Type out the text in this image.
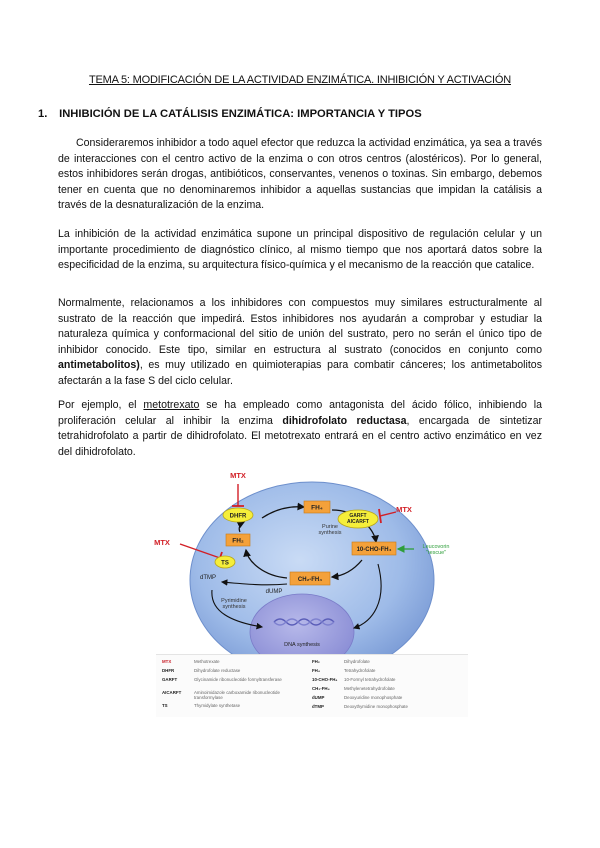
TEMA 5: MODIFICACIÓN DE LA ACTIVIDAD ENZIMÁTICA. INHIBICIÓN Y ACTIVACIÓN
1. INHIBICIÓN DE LA CATÁLISIS ENZIMÁTICA: IMPORTANCIA Y TIPOS

Consideraremos inhibidor a todo aquel efector que reduzca la actividad enzimática, ya sea a través de interacciones con el centro activo de la enzima o con otros centros (alostéricos). Por lo general, estos inhibidores serán drogas, antibióticos, conservantes, venenos o toxinas. Sin embargo, debemos tener en cuenta que no denominaremos inhibidor a aquellas sustancias que impidan la catálisis a través de la desnaturalización de la enzima.

La inhibición de la actividad enzimática supone un principal dispositivo de regulación celular y un importante procedimiento de diagnóstico clínico, al mismo tiempo que nos aportará datos sobre la especificidad de la enzima, su arquitectura físico-química y el mecanismo de la reacción que catalice.

Normalmente, relacionamos a los inhibidores con compuestos muy similares estructuralmente al sustrato de la reacción que impedirá. Estos inhibidores nos ayudarán a comprobar y estudiar la naturaleza química y conformacional del sitio de unión del sustrato, pero no serán el único tipo de inhibidor conocido. Este tipo, similar en estructura al sustrato (conocidos en conjunto como antimetabolitos), es muy utilizado en quimioterapias para combatir cánceres; los antimetabolitos afectarán a la fase S del ciclo celular.

Por ejemplo, el metotrexato se ha empleado como antagonista del ácido fólico, inhibiendo la proliferación celular al inhibir la enzima dihidrofolato reductasa, encargada de sintetizar tetrahidrofolato a partir de dihidrofolato. El metotrexato entrará en el centro activo enzimático en vez del dihidrofolato.

MTX
MTX
MTX
DHFR
FH₄
FH₂
GARFT
AICARFT
10-CHO-FH₄
CH₂-FH₄
TS
Purine
synthesis
dTMP
dUMP
Pyrimidine
synthesis
DNA synthesis
Leucovorin
"rescue"
MTX	Methotrexate
DHFR	Dihydrofolate reductase
GARFT	Glycinamide ribonucleotide formyltransferase
AICARFT	Aminoimidazole carboxamide ribonucleotide transformylase
TS	Thymidylate synthetase
FH₂	Dihydrofolate
FH₄	Tetrahydrofolate
10-CHO-FH₄	10-Formyl tetrahydrofolate
CH₂-FH₄	Methylenetetrahydrofolate
dUMP	Deoxyuridine monophosphate
dTMP	Deoxythymidine monophosphate
